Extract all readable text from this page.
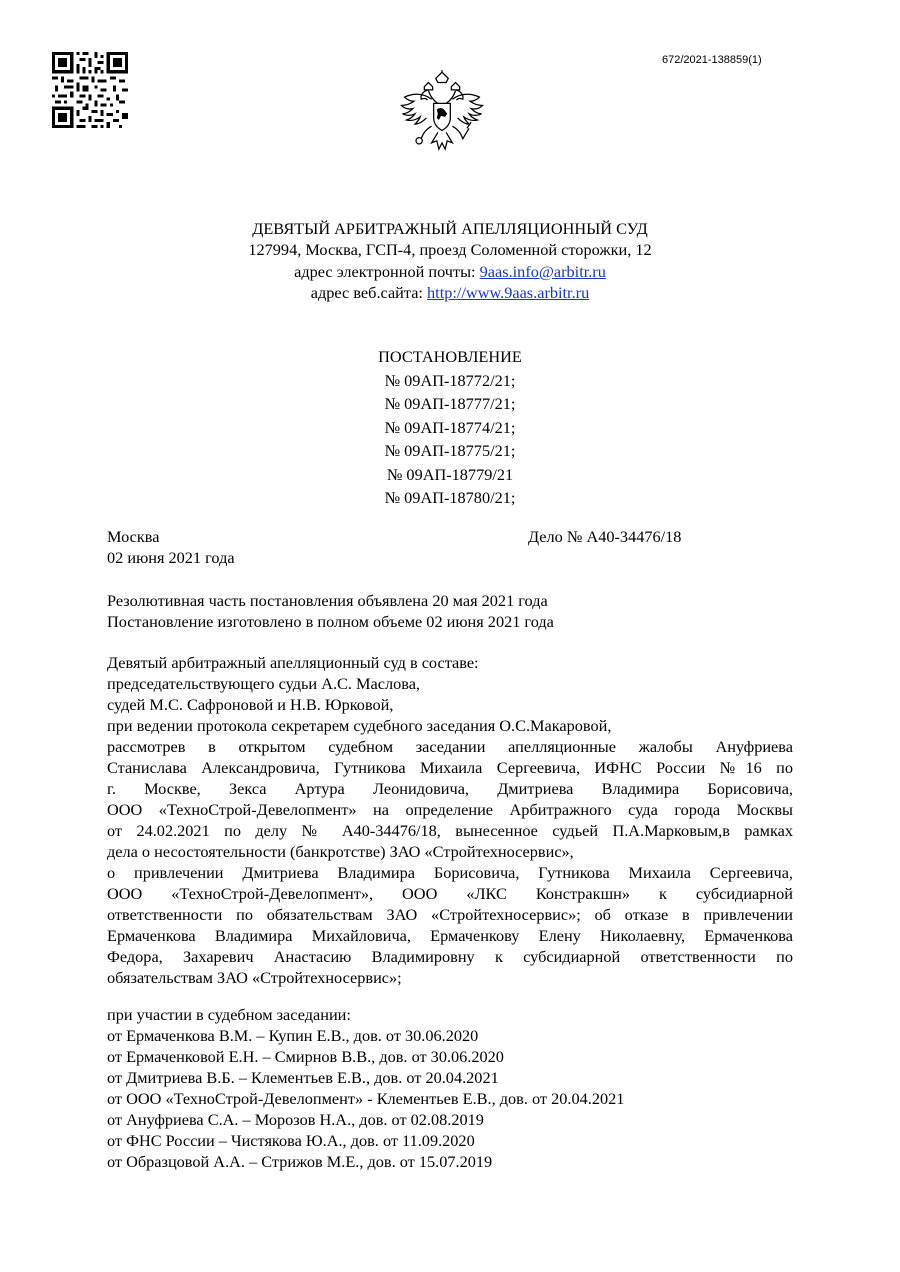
672/2021-138859(1)
ДЕВЯТЫЙ АРБИТРАЖНЫЙ АПЕЛЛЯЦИОННЫЙ СУД
127994, Москва, ГСП-4, проезд Соломенной сторожки, 12
адрес электронной почты: 9aas.info@arbitr.ru
адрес веб.сайта: http://www.9aas.arbitr.ru
ПОСТАНОВЛЕНИЕ
№ 09АП-18772/21;
№ 09АП-18777/21;
№ 09АП-18774/21;
№ 09АП-18775/21;
№ 09АП-18779/21
№ 09АП-18780/21;
Москва	Дело № А40-34476/18
02 июня 2021 года
Резолютивная часть постановления объявлена 20 мая 2021 года
Постановление изготовлено в полном объеме 02 июня 2021 года
Девятый арбитражный апелляционный суд в составе:
председательствующего судьи А.С. Маслова,
судей М.С. Сафроновой и Н.В. Юрковой,
при ведении протокола секретарем судебного заседания О.С.Макаровой,
рассмотрев в открытом судебном заседании апелляционные жалобы Ануфриева
Станислава Александровича, Гутникова Михаила Сергеевича, ИФНС России №16 по
г. Москве, Зекса Артура Леонидовича, Дмитриева Владимира Борисовича,
ООО «ТехноСтрой-Девелопмент» на определение Арбитражного суда города Москвы
от 24.02.2021 по делу № А40-34476/18, вынесенное судьей П.А.Марковым,в рамках
дела о несостоятельности (банкротстве) ЗАО «Стройтехносервис»,
о привлечении Дмитриева Владимира Борисовича, Гутникова Михаила Сергеевича,
ООО «ТехноСтрой-Девелопмент», ООО «ЛКС Констракшн» к субсидиарной
ответственности по обязательствам ЗАО «Стройтехносервис»; об отказе в привлечении
Ермаченкова Владимира Михайловича, Ермаченкову Елену Николаевну, Ермаченкова
Федора, Захаревич Анастасию Владимировну к субсидиарной ответственности по
обязательствам ЗАО «Стройтехносервис»;
при участии в судебном заседании:
от Ермаченкова В.М. – Купин Е.В., дов. от 30.06.2020
от Ермаченковой Е.Н. – Смирнов В.В., дов. от 30.06.2020
от Дмитриева В.Б. – Клементьев Е.В., дов. от 20.04.2021
от ООО «ТехноСтрой-Девелопмент» - Клементьев Е.В., дов. от 20.04.2021
от Ануфриева С.А. – Морозов Н.А., дов. от 02.08.2019
от ФНС России – Чистякова Ю.А., дов. от 11.09.2020
от Образцовой А.А. – Стрижов М.Е., дов. от 15.07.2019
